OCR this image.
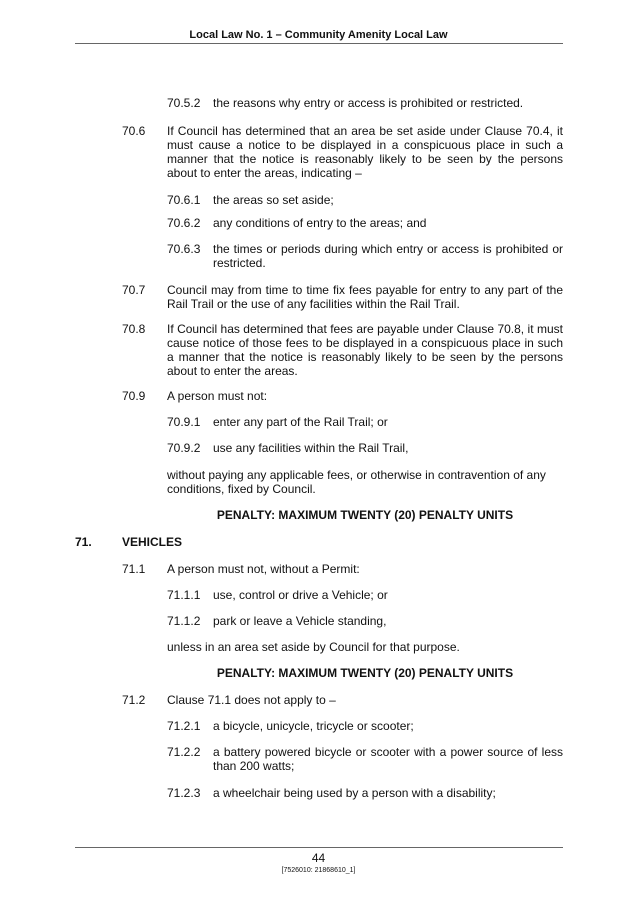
Local Law No. 1 – Community Amenity Local Law
70.5.2 the reasons why entry or access is prohibited or restricted.
70.6 If Council has determined that an area be set aside under Clause 70.4, it must cause a notice to be displayed in a conspicuous place in such a manner that the notice is reasonably likely to be seen by the persons about to enter the areas, indicating –
70.6.1 the areas so set aside;
70.6.2 any conditions of entry to the areas; and
70.6.3 the times or periods during which entry or access is prohibited or restricted.
70.7 Council may from time to time fix fees payable for entry to any part of the Rail Trail or the use of any facilities within the Rail Trail.
70.8 If Council has determined that fees are payable under Clause 70.8, it must cause notice of those fees to be displayed in a conspicuous place in such a manner that the notice is reasonably likely to be seen by the persons about to enter the areas.
70.9 A person must not:
70.9.1 enter any part of the Rail Trail; or
70.9.2 use any facilities within the Rail Trail,
without paying any applicable fees, or otherwise in contravention of any conditions, fixed by Council.
PENALTY: MAXIMUM TWENTY (20) PENALTY UNITS
71.	VEHICLES
71.1 A person must not, without a Permit:
71.1.1 use, control or drive a Vehicle; or
71.1.2 park or leave a Vehicle standing,
unless in an area set aside by Council for that purpose.
PENALTY: MAXIMUM TWENTY (20) PENALTY UNITS
71.2 Clause 71.1 does not apply to –
71.2.1 a bicycle, unicycle, tricycle or scooter;
71.2.2 a battery powered bicycle or scooter with a power source of less than 200 watts;
71.2.3 a wheelchair being used by a person with a disability;
44
[7526010: 21868610_1]
